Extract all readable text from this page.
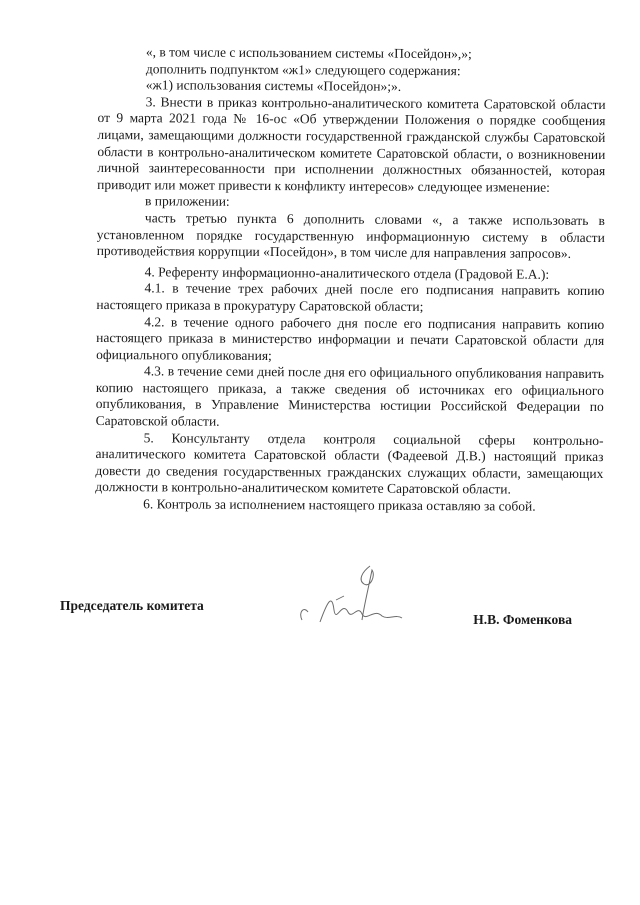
«, в том числе с использованием системы «Посейдон»,»;

дополнить подпунктом «ж1» следующего содержания:

«ж1) использования системы «Посейдон»;».

3. Внести в приказ контрольно-аналитического комитета Саратовской области от 9 марта 2021 года № 16-ос «Об утверждении Положения о порядке сообщения лицами, замещающими должности государственной гражданской службы Саратовской области в контрольно-аналитическом комитете Саратовской области, о возникновении личной заинтересованности при исполнении должностных обязанностей, которая приводит или может привести к конфликту интересов» следующее изменение:

в приложении:

часть третью пункта 6 дополнить словами «, а также использовать в установленном порядке государственную информационную систему в области противодействия коррупции «Посейдон», в том числе для направления запросов».

4. Референту информационно-аналитического отдела (Градовой Е.А.):

4.1. в течение трех рабочих дней после его подписания направить копию настоящего приказа в прокуратуру Саратовской области;

4.2. в течение одного рабочего дня после его подписания направить копию настоящего приказа в министерство информации и печати Саратовской области для официального опубликования;

4.3. в течение семи дней после дня его официального опубликования направить копию настоящего приказа, а также сведения об источниках его официального опубликования, в Управление Министерства юстиции Российской Федерации по Саратовской области.

5. Консультанту отдела контроля социальной сферы контрольно-аналитического комитета Саратовской области (Фадеевой Д.В.) настоящий приказ довести до сведения государственных гражданских служащих области, замещающих должности в контрольно-аналитическом комитете Саратовской области.

6. Контроль за исполнением настоящего приказа оставляю за собой.

Председатель комитета
Н.В. Фоменкова
